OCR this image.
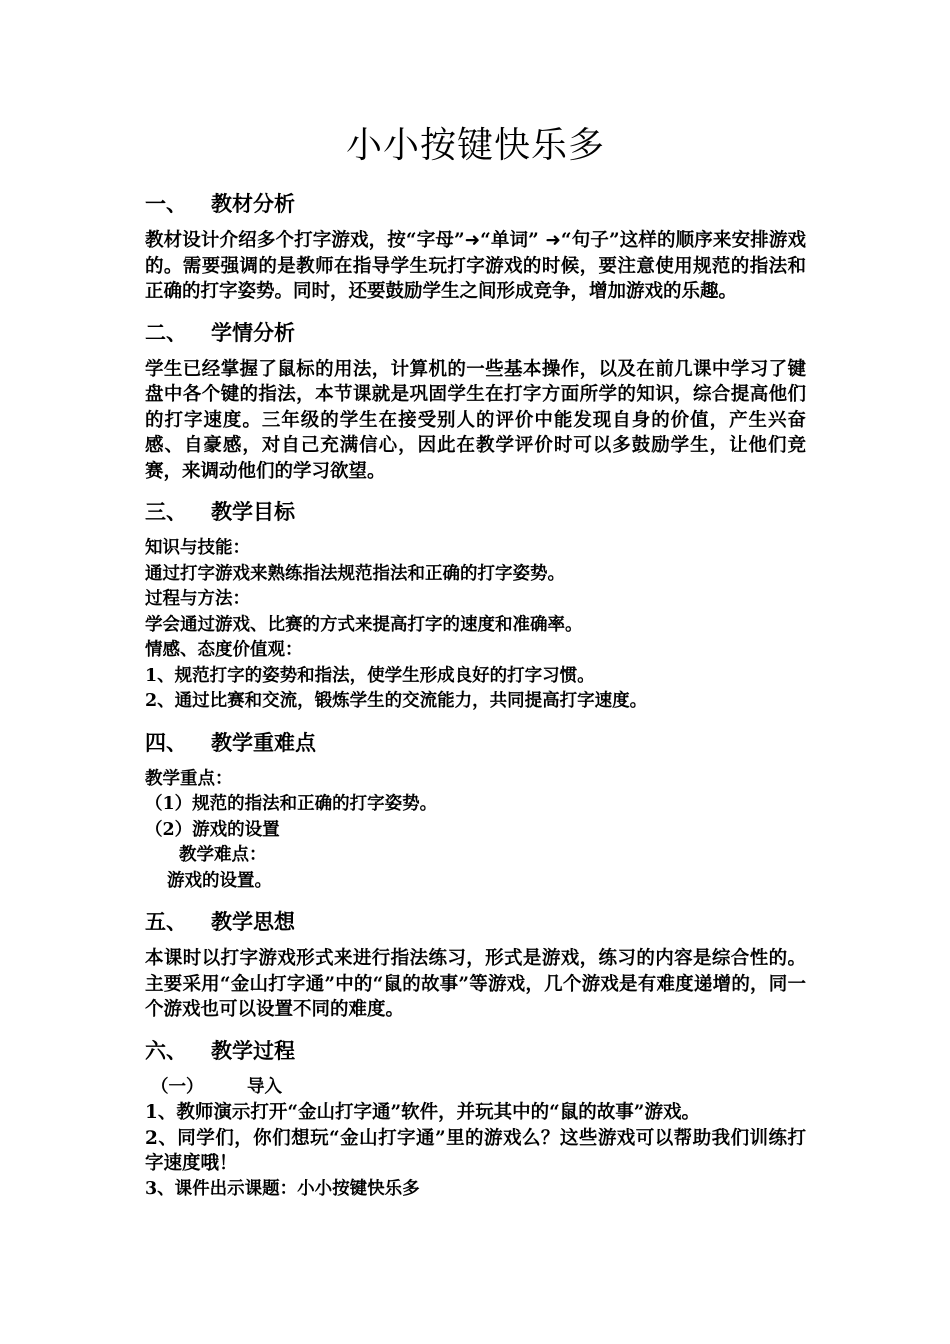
小小按键快乐多
一、 教材分析

教材设计介绍多个打字游戏，按“字母”➜“单词” ➜“句子”这样的顺序来安排游戏的。需要强调的是教师在指导学生玩打字游戏的时候，要注意使用规范的指法和正确的打字姿势。同时，还要鼓励学生之间形成竞争，增加游戏的乐趣。

二、 学情分析

学生已经掌握了鼠标的用法，计算机的一些基本操作，以及在前几课中学习了键盘中各个键的指法，本节课就是巩固学生在打字方面所学的知识，综合提高他们的打字速度。三年级的学生在接受别人的评价中能发现自身的价值，产生兴奋感、自豪感，对自己充满信心，因此在教学评价时可以多鼓励学生，让他们竞赛，来调动他们的学习欲望。

三、 教学目标

知识与技能：

通过打字游戏来熟练指法规范指法和正确的打字姿势。

过程与方法：

学会通过游戏、比赛的方式来提高打字的速度和准确率。

情感、态度价值观：

1、规范打字的姿势和指法，使学生形成良好的打字习惯。

2、通过比赛和交流，锻炼学生的交流能力，共同提高打字速度。

四、 教学重难点

教学重点：

（1）规范的指法和正确的打字姿势。

（2）游戏的设置

教学难点：

游戏的设置。

五、 教学思想

本课时以打字游戏形式来进行指法练习，形式是游戏，练习的内容是综合性的。主要采用“金山打字通”中的“鼠的故事”等游戏，几个游戏是有难度递增的，同一个游戏也可以设置不同的难度。

六、 教学过程

（一） 导入

1、教师演示打开“金山打字通”软件，并玩其中的“鼠的故事”游戏。

2、同学们，你们想玩“金山打字通”里的游戏么？这些游戏可以帮助我们训练打字速度哦！

3、课件出示课题：小小按键快乐多
